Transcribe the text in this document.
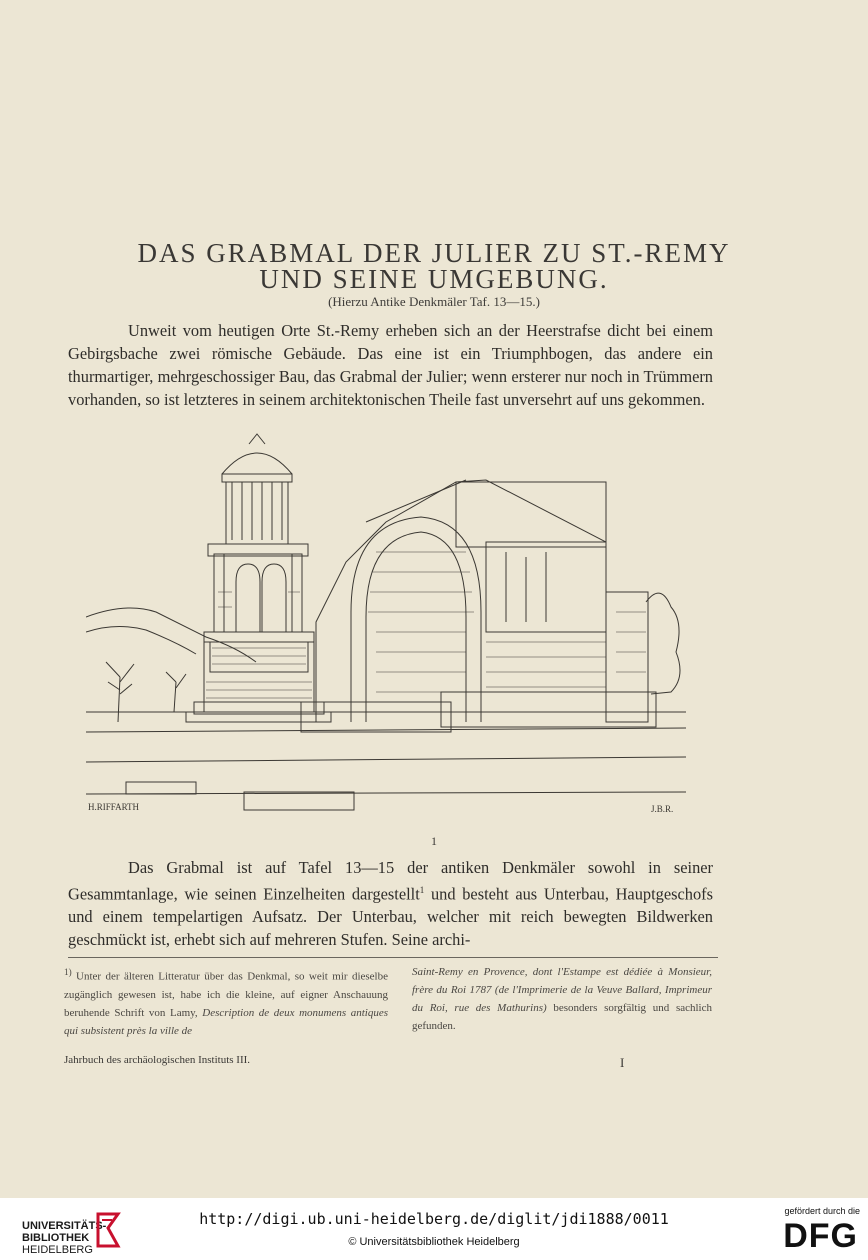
DAS GRABMAL DER JULIER ZU ST.-REMY
UND SEINE UMGEBUNG.
(Hierzu Antike Denkmäler Taf. 13—15.)

Unweit vom heutigen Orte St.-Remy erheben sich an der Heerstrafse dicht bei einem Gebirgsbache zwei römische Gebäude. Das eine ist ein Triumphbogen, das andere ein thurmartiger, mehrgeschossiger Bau, das Grabmal der Julier; wenn ersterer nur noch in Trümmern vorhanden, so ist letzteres in seinem architektonischen Theile fast unversehrt auf uns gekommen.

H.RIFFARTH	J.B.R.
1

Das Grabmal ist auf Tafel 13—15 der antiken Denkmäler sowohl in seiner Gesammtanlage, wie seinen Einzelheiten dargestellt$^1$ und besteht aus Unterbau, Hauptgeschofs und einem tempelartigen Aufsatz. Der Unterbau, welcher mit reich bewegten Bildwerken geschmückt ist, erhebt sich auf mehreren Stufen. Seine archi-

$^{1)}$ Unter der älteren Litteratur über das Denkmal, so weit mir dieselbe zugänglich gewesen ist, habe ich die kleine, auf eigner Anschauung beruhende Schrift von Lamy, Description de deux monumens antiques qui subsistent près la ville de

Saint-Remy en Provence, dont l'Estampe est dédiée à Monsieur, frère du Roi 1787 (de l'Imprimerie de la Veuve Ballard, Imprimeur du Roi, rue des Mathurins) besonders sorgfältig und sachlich gefunden.

Jahrbuch des archäologischen Instituts III.	I
UNIVERSITÄTS-
BIBLIOTHEK
HEIDELBERG
http://digi.ub.uni-heidelberg.de/diglit/jdi1888/0011
© Universitätsbibliothek Heidelberg
gefördert durch die
DFG
